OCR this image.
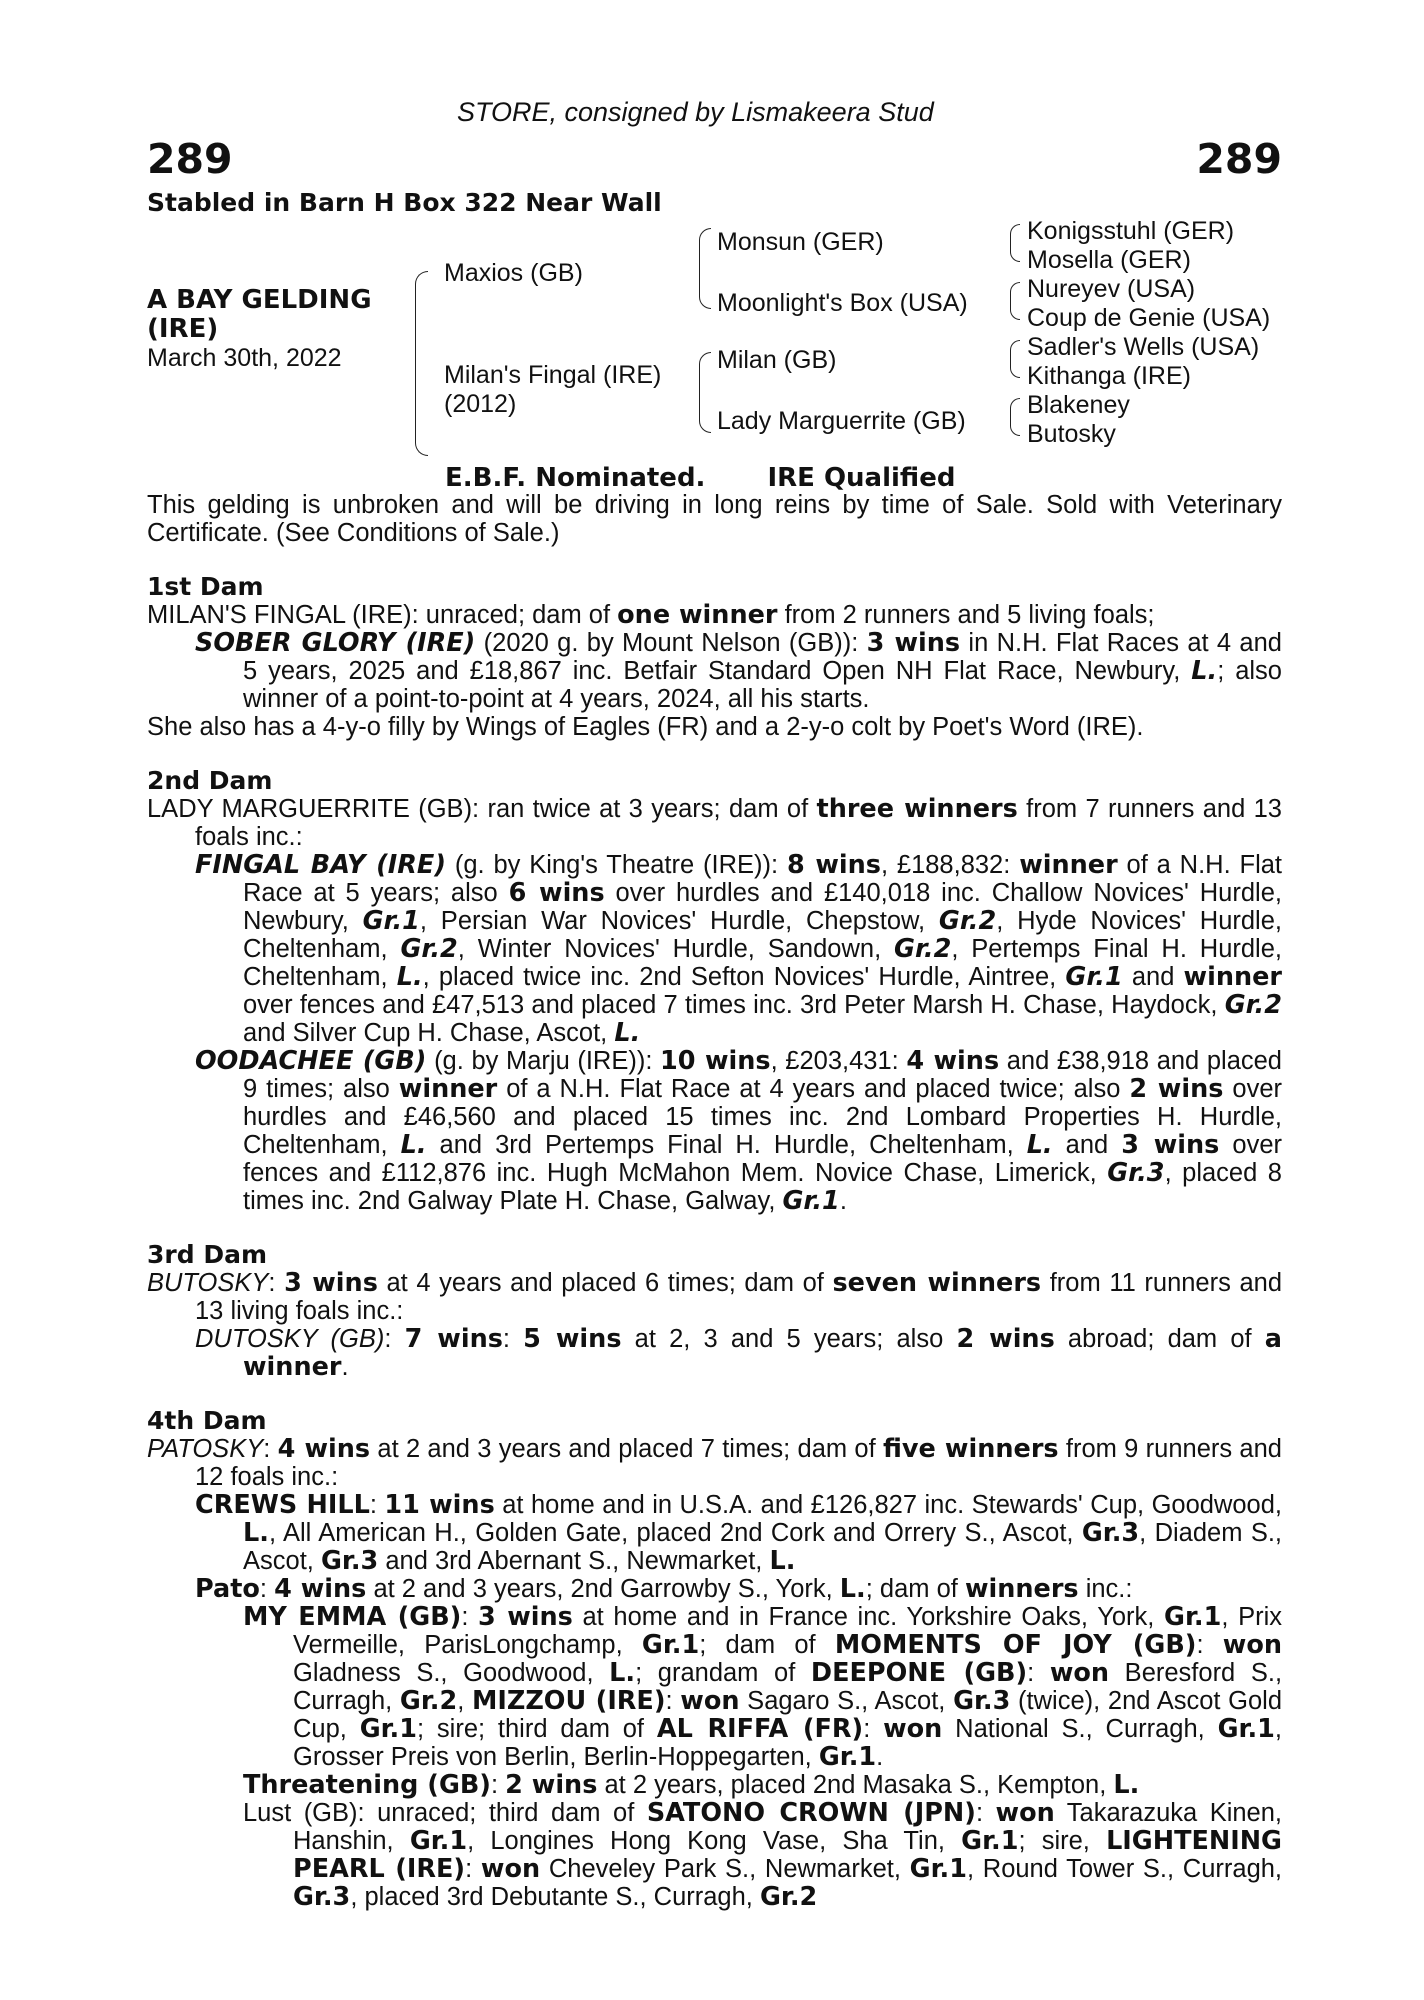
STORE, consigned by Lismakeera Stud
289	289
Stabled in Barn H Box 322 Near Wall
A BAY GELDING
(IRE)
March 30th, 2022
Maxios (GB)
Milan's Fingal (IRE)
(2012)
Monsun (GER)
Moonlight's Box (USA)
Milan (GB)
Lady Marguerrite (GB)
Konigsstuhl (GER)
Mosella (GER)
Nureyev (USA)
Coup de Genie (USA)
Sadler's Wells (USA)
Kithanga (IRE)
Blakeney
Butosky
E.B.F. Nominated. IRE Qualified

This gelding is unbroken and will be driving in long reins by time of Sale. Sold with Veterinary Certificate. (See Conditions of Sale.)

1st Dam

MILAN'S FINGAL (IRE): unraced; dam of one winner from 2 runners and 5 living foals;

SOBER GLORY (IRE) (2020 g. by Mount Nelson (GB)): 3 wins in N.H. Flat Races at 4 and 5 years, 2025 and £18,867 inc. Betfair Standard Open NH Flat Race, Newbury, L.; also winner of a point-to-point at 4 years, 2024, all his starts.

She also has a 4-y-o filly by Wings of Eagles (FR) and a 2-y-o colt by Poet's Word (IRE).

2nd Dam

LADY MARGUERRITE (GB): ran twice at 3 years; dam of three winners from 7 runners and 13 foals inc.:

FINGAL BAY (IRE) (g. by King's Theatre (IRE)): 8 wins, £188,832: winner of a N.H. Flat Race at 5 years; also 6 wins over hurdles and £140,018 inc. Challow Novices' Hurdle, Newbury, Gr.1, Persian War Novices' Hurdle, Chepstow, Gr.2, Hyde Novices' Hurdle, Cheltenham, Gr.2, Winter Novices' Hurdle, Sandown, Gr.2, Pertemps Final H. Hurdle, Cheltenham, L., placed twice inc. 2nd Sefton Novices' Hurdle, Aintree, Gr.1 and winner over fences and £47,513 and placed 7 times inc. 3rd Peter Marsh H. Chase, Haydock, Gr.2 and Silver Cup H. Chase, Ascot, L.

OODACHEE (GB) (g. by Marju (IRE)): 10 wins, £203,431: 4 wins and £38,918 and placed 9 times; also winner of a N.H. Flat Race at 4 years and placed twice; also 2 wins over hurdles and £46,560 and placed 15 times inc. 2nd Lombard Properties H. Hurdle, Cheltenham, L. and 3rd Pertemps Final H. Hurdle, Cheltenham, L. and 3 wins over fences and £112,876 inc. Hugh McMahon Mem. Novice Chase, Limerick, Gr.3, placed 8 times inc. 2nd Galway Plate H. Chase, Galway, Gr.1.

3rd Dam

BUTOSKY: 3 wins at 4 years and placed 6 times; dam of seven winners from 11 runners and 13 living foals inc.:

DUTOSKY (GB): 7 wins: 5 wins at 2, 3 and 5 years; also 2 wins abroad; dam of a winner.

4th Dam

PATOSKY: 4 wins at 2 and 3 years and placed 7 times; dam of five winners from 9 runners and 12 foals inc.:

CREWS HILL: 11 wins at home and in U.S.A. and £126,827 inc. Stewards' Cup, Goodwood, L., All American H., Golden Gate, placed 2nd Cork and Orrery S., Ascot, Gr.3, Diadem S., Ascot, Gr.3 and 3rd Abernant S., Newmarket, L.

Pato: 4 wins at 2 and 3 years, 2nd Garrowby S., York, L.; dam of winners inc.:

MY EMMA (GB): 3 wins at home and in France inc. Yorkshire Oaks, York, Gr.1, Prix Vermeille, ParisLongchamp, Gr.1; dam of MOMENTS OF JOY (GB): won Gladness S., Goodwood, L.; grandam of DEEPONE (GB): won Beresford S., Curragh, Gr.2, MIZZOU (IRE): won Sagaro S., Ascot, Gr.3 (twice), 2nd Ascot Gold Cup, Gr.1; sire; third dam of AL RIFFA (FR): won National S., Curragh, Gr.1, Grosser Preis von Berlin, Berlin-Hoppegarten, Gr.1.

Threatening (GB): 2 wins at 2 years, placed 2nd Masaka S., Kempton, L.

Lust (GB): unraced; third dam of SATONO CROWN (JPN): won Takarazuka Kinen, Hanshin, Gr.1, Longines Hong Kong Vase, Sha Tin, Gr.1; sire, LIGHTENING PEARL (IRE): won Cheveley Park S., Newmarket, Gr.1, Round Tower S., Curragh, Gr.3, placed 3rd Debutante S., Curragh, Gr.2
